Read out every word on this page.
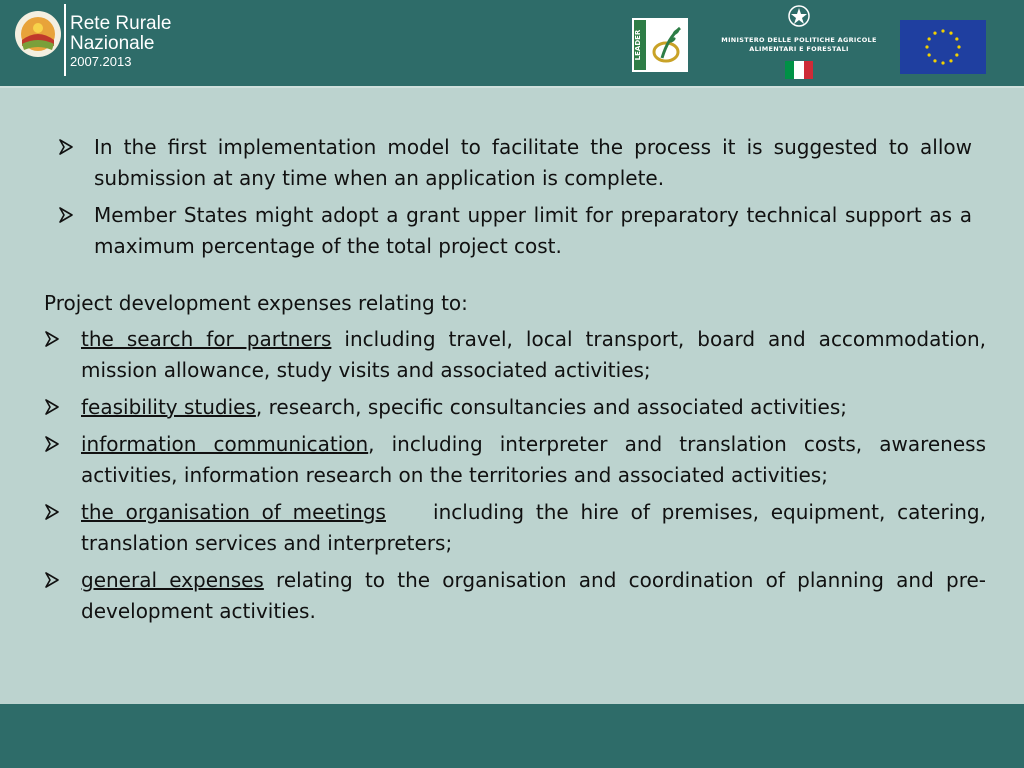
Rete Rurale
Nazionale
2007.2013
LEADER	MINISTERO DELLE POLITICHE AGRICOLE
ALIMENTARI E FORESTALI
In the first implementation model to facilitate the process it is suggested to allow submission at any time when an application is complete.
Member States might adopt a grant upper limit for preparatory technical support as a maximum percentage of the total project cost.
Project development expenses relating to:
the search for partners including travel, local transport, board and accommodation, mission allowance, study visits and associated activities;
feasibility studies, research, specific consultancies and associated activities;
information communication, including interpreter and translation costs, awareness activities, information research on the territories and associated activities;
the organisation of meetings    including the hire of premises, equipment, catering, translation services and interpreters;
general expenses relating to the organisation and coordination of planning and pre-development activities.
